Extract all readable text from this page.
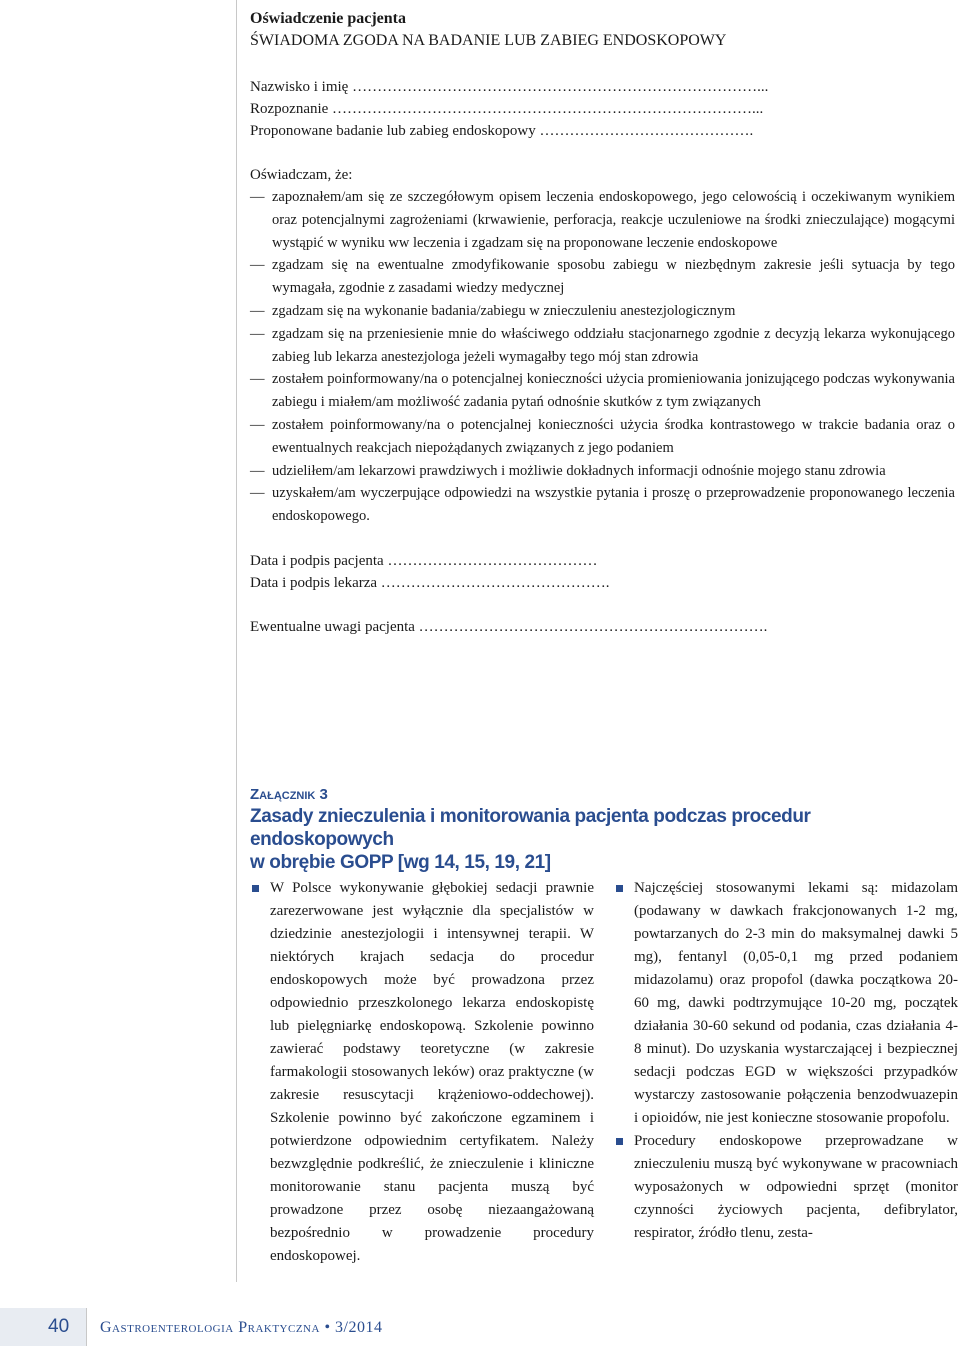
Oświadczenie pacjenta
ŚWIADOMA ZGODA NA BADANIE LUB ZABIEG ENDOSKOPOWY
Nazwisko i imię ………………………………………………………………………...
Rozpoznanie …………………………………………………………………………...
Proponowane badanie lub zabieg endoskopowy …………………………………….
Oświadczam, że:
— zapoznałem/am się ze szczegółowym opisem leczenia endoskopowego, jego celowością i oczekiwanym wynikiem oraz potencjalnymi zagrożeniami (krwawienie, perforacja, reakcje uczuleniowe na środki znieczulające) mogącymi wystąpić w wyniku ww leczenia i zgadzam się na proponowane leczenie endoskopowe
— zgadzam się na ewentualne zmodyfikowanie sposobu zabiegu w niezbędnym zakresie jeśli sytuacja by tego wymagała, zgodnie z zasadami wiedzy medycznej
— zgadzam się na wykonanie badania/zabiegu w znieczuleniu anestezjologicznym
— zgadzam się na przeniesienie mnie do właściwego oddziału stacjonarnego zgodnie z decyzją lekarza wykonującego zabieg lub lekarza anestezjologa jeżeli wymagałby tego mój stan zdrowia
— zostałem poinformowany/na o potencjalnej konieczności użycia promieniowania jonizującego podczas wykonywania zabiegu i miałem/am możliwość zadania pytań odnośnie skutków z tym związanych
— zostałem poinformowany/na o potencjalnej konieczności użycia środka kontrastowego w trakcie badania oraz o ewentualnych reakcjach niepożądanych związanych z jego podaniem
— udzieliłem/am lekarzowi prawdziwych i możliwie dokładnych informacji odnośnie mojego stanu zdrowia
— uzyskałem/am wyczerpujące odpowiedzi na wszystkie pytania i proszę o przeprowadzenie proponowanego leczenia endoskopowego.
Data i podpis pacjenta ……………………………………
Data i podpis lekarza ……………………………………….
Ewentualne uwagi pacjenta …………………………………………………………….
Załącznik 3
Zasady znieczulenia i monitorowania pacjenta podczas procedur endoskopowych
w obrębie GOPP [wg 14, 15, 19, 21]
W Polsce wykonywanie głębokiej sedacji prawnie zarezerwowane jest wyłącznie dla specjalistów w dziedzinie anestezjologii i intensywnej terapii. W niektórych krajach sedacja do procedur endoskopowych może być prowadzona przez odpowiednio przeszkolonego lekarza endoskopistę lub pielęgniarkę endoskopową. Szkolenie powinno zawierać podstawy teoretyczne (w zakresie farmakologii stosowanych leków) oraz praktyczne (w zakresie resuscytacji krążeniowo-oddechowej). Szkolenie powinno być zakończone egzaminem i potwierdzone odpowiednim certyfikatem. Należy bezwzględnie podkreślić, że znieczulenie i kliniczne monitorowanie stanu pacjenta muszą być prowadzone przez osobę niezaangażowaną bezpośrednio w prowadzenie procedury endoskopowej.
Najczęściej stosowanymi lekami są: midazolam (podawany w dawkach frakcjonowanych 1-2 mg, powtarzanych do 2-3 min do maksymalnej dawki 5 mg), fentanyl (0,05-0,1 mg przed podaniem midazolamu) oraz propofol (dawka początkowa 20-60 mg, dawki podtrzymujące 10-20 mg, początek działania 30-60 sekund od podania, czas działania 4-8 minut). Do uzyskania wystarczającej i bezpiecznej sedacji podczas EGD w większości przypadków wystarczy zastosowanie połączenia benzodwuazepin i opioidów, nie jest konieczne stosowanie propofolu.
Procedury endoskopowe przeprowadzane w znieczuleniu muszą być wykonywane w pracowniach wyposażonych w odpowiedni sprzęt (monitor czynności życiowych pacjenta, defibrylator, respirator, źródło tlenu, zesta-
40 Gastroenterologia Praktyczna • 3/2014
